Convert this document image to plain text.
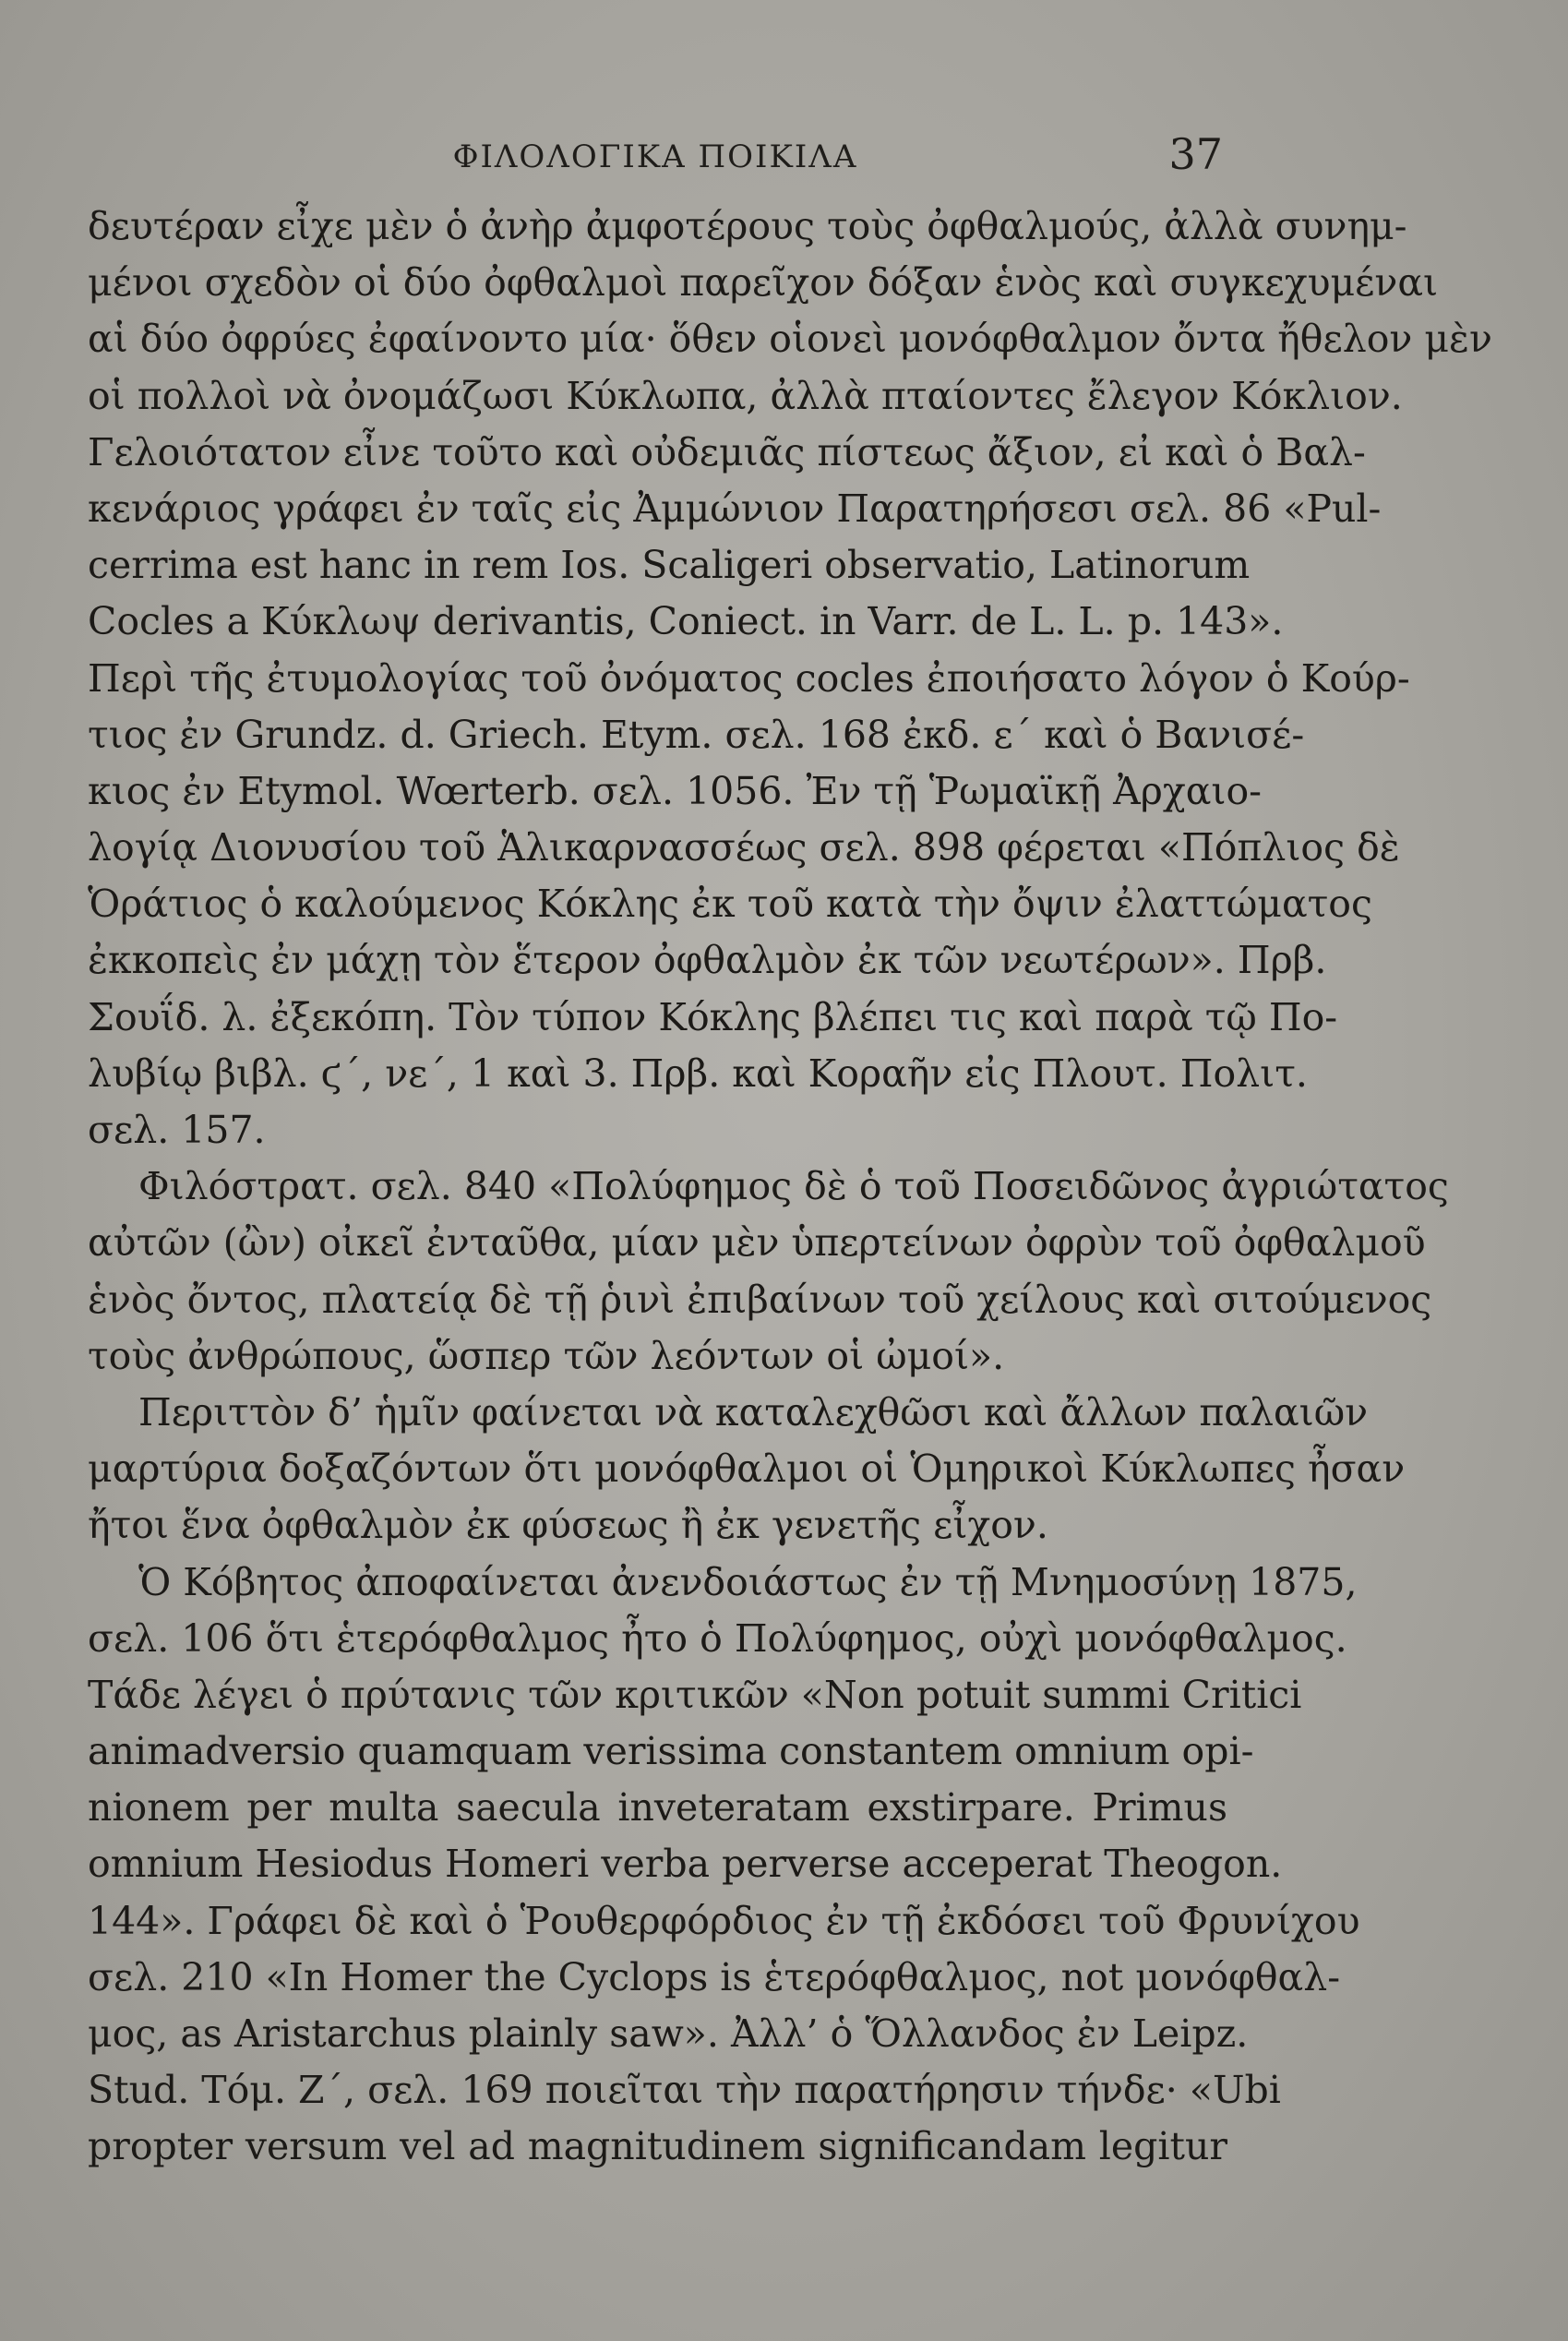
ΦΙΛΟΛΟΓΙΚΑ ΠΟΙΚΙΛΑ	37
δευτέραν εἶχε μὲν ὁ ἀνὴρ ἀμφοτέρους τοὺς ὀφθαλμούς, ἀλλὰ συνημ-
μένοι σχεδὸν οἱ δύο ὀφθαλμοὶ παρεῖχον δόξαν ἑνὸς καὶ συγκεχυμέναι
αἱ δύο ὀφρύες ἐφαίνοντο μία· ὅθεν οἱονεὶ μονόφθαλμον ὄντα ἤθελον μὲν
οἱ πολλοὶ νὰ ὀνομάζωσι Κύκλωπα, ἀλλὰ πταίοντες ἔλεγον Κόκλιον.
Γελοιότατον εἶνε τοῦτο καὶ οὐδεμιᾶς πίστεως ἄξιον, εἰ καὶ ὁ Βαλ-
κενάριος γράφει ἐν ταῖς εἰς Ἀμμώνιον Παρατηρήσεσι σελ. 86 «Pul-
cerrima est hanc in rem Ios. Scaligeri observatio, Latinorum
Cocles a Κύκλωψ derivantis, Coniect. in Varr. de L. L. p. 143».
Περὶ τῆς ἐτυμολογίας τοῦ ὀνόματος cocles ἐποιήσατο λόγον ὁ Κούρ-
τιος ἐν Grundz. d. Griech. Etym. σελ. 168 ἐκδ. ε΄ καὶ ὁ Βανισέ-
κιος ἐν Etymol. Wœrterb. σελ. 1056. Ἐν τῇ Ῥωμαϊκῇ Ἀρχαιο-
λογίᾳ Διονυσίου τοῦ Ἁλικαρνασσέως σελ. 898 φέρεται «Πόπλιος δὲ
Ὁράτιος ὁ καλούμενος Κόκλης ἐκ τοῦ κατὰ τὴν ὄψιν ἐλαττώματος
ἐκκοπεὶς ἐν μάχῃ τὸν ἕτερον ὀφθαλμὸν ἐκ τῶν νεωτέρων». Πρβ.
Σουΐδ. λ. ἐξεκόπη. Τὸν τύπον Κόκλης βλέπει τις καὶ παρὰ τῷ Πο-
λυβίῳ βιβλ. ϛ΄, νε΄, 1 καὶ 3. Πρβ. καὶ Κοραῆν εἰς Πλουτ. Πολιτ.
σελ. 157.
Φιλόστρατ. σελ. 840 «Πολύφημος δὲ ὁ τοῦ Ποσειδῶνος ἀγριώτατος
αὐτῶν (ὢν) οἰκεῖ ἐνταῦθα, μίαν μὲν ὑπερτείνων ὀφρὺν τοῦ ὀφθαλμοῦ
ἑνὸς ὄντος, πλατείᾳ δὲ τῇ ῥινὶ ἐπιβαίνων τοῦ χείλους καὶ σιτούμενος
τοὺς ἀνθρώπους, ὥσπερ τῶν λεόντων οἱ ὠμοί».
Περιττὸν δ’ ἡμῖν φαίνεται νὰ καταλεχθῶσι καὶ ἄλλων παλαιῶν
μαρτύρια δοξαζόντων ὅτι μονόφθαλμοι οἱ Ὁμηρικοὶ Κύκλωπες ἦσαν
ἤτοι ἕνα ὀφθαλμὸν ἐκ φύσεως ἢ ἐκ γενετῆς εἶχον.
Ὁ Κόβητος ἀποφαίνεται ἀνενδοιάστως ἐν τῇ Μνημοσύνῃ 1875,
σελ. 106 ὅτι ἑτερόφθαλμος ἦτο ὁ Πολύφημος, οὐχὶ μονόφθαλμος.
Τάδε λέγει ὁ πρύτανις τῶν κριτικῶν «Non potuit summi Critici
animadversio quamquam verissima constantem omnium opi-
nionem per multa saecula inveteratam exstirpare. Primus
omnium Hesiodus Homeri verba perverse acceperat Theogon.
144». Γράφει δὲ καὶ ὁ Ῥουθερφόρδιος ἐν τῇ ἐκδόσει τοῦ Φρυνίχου
σελ. 210 «In Homer the Cyclops is ἑτερόφθαλμος, not μονόφθαλ-
μος, as Aristarchus plainly saw». Ἀλλ’ ὁ Ὅλλανδος ἐν Leipz.
Stud. Τόμ. Ζ΄, σελ. 169 ποιεῖται τὴν παρατήρησιν τήνδε· «Ubi
propter versum vel ad magnitudinem significandam legitur
